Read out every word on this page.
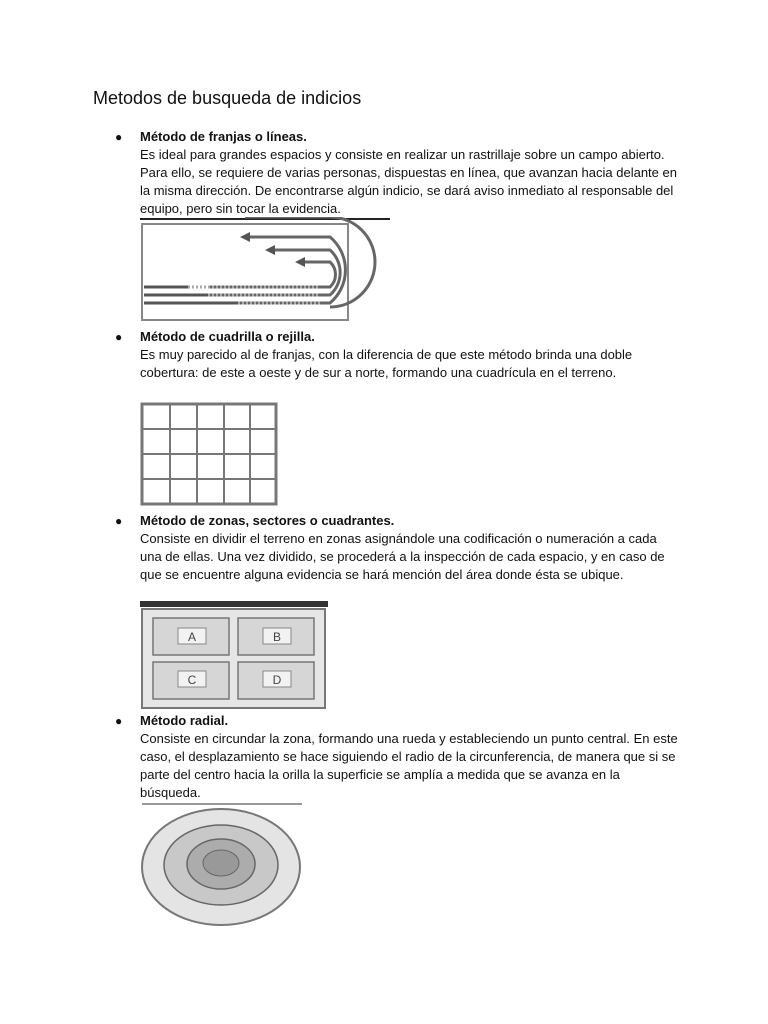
Metodos de busqueda de indicios
● Método de franjas o líneas.

Es ideal para grandes espacios y consiste en realizar un rastrillaje sobre un campo abierto. Para ello, se requiere de varias personas, dispuestas en línea, que avanzan hacia delante en la misma dirección. De encontrarse algún indicio, se dará aviso inmediato al responsable del equipo, pero sin tocar la evidencia.

● Método de cuadrilla o rejilla.

Es muy parecido al de franjas, con la diferencia de que este método brinda una doble cobertura: de este a oeste y de sur a norte, formando una cuadrícula en el terreno.

● Método de zonas, sectores o cuadrantes.

Consiste en dividir el terreno en zonas asignándole una codificación o numeración a cada una de ellas. Una vez dividido, se procederá a la inspección de cada espacio, y en caso de que se encuentre alguna evidencia se hará mención del área donde ésta se ubique.

A	B
C	D
● Método radial.

Consiste en circundar la zona, formando una rueda y estableciendo un punto central. En este caso, el desplazamiento se hace siguiendo el radio de la circunferencia, de manera que si se parte del centro hacia la orilla la superficie se amplía a medida que se avanza en la búsqueda.
